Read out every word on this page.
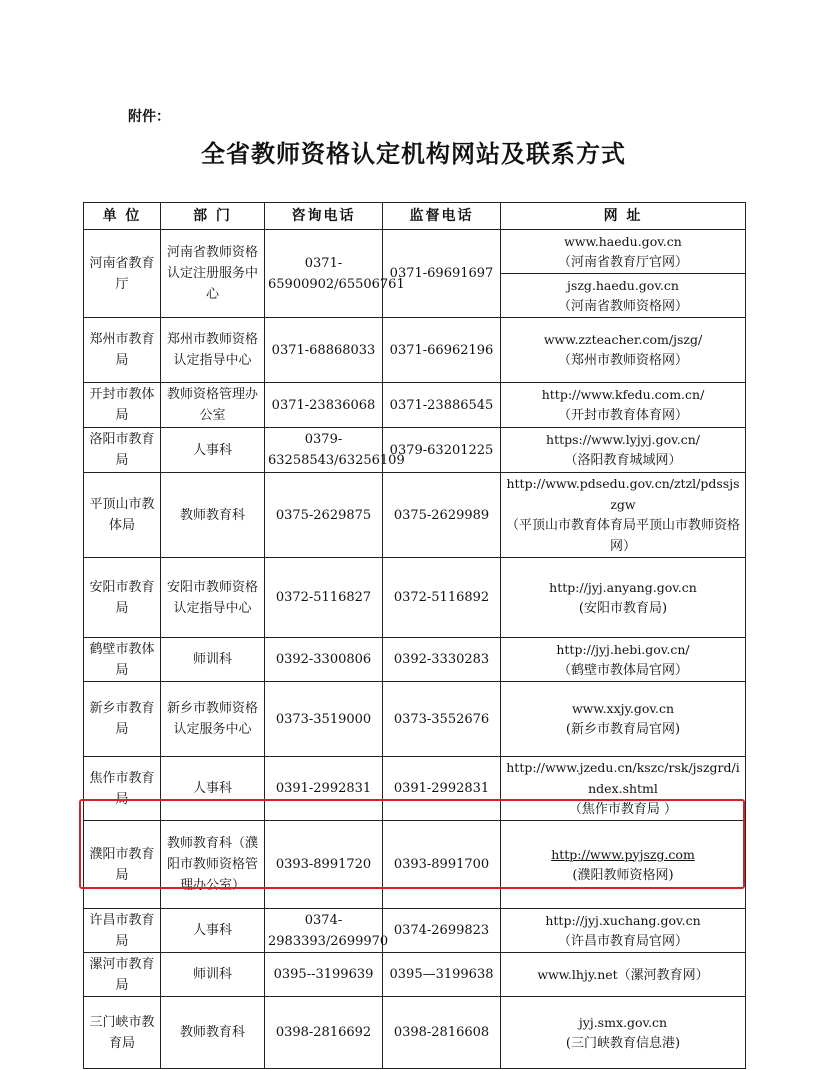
附件：
全省教师资格认定机构网站及联系方式
单 位	部 门	咨询电话	监督电话	网 址
河南省教育厅	河南省教师资格认定注册服务中心	0371-65900902/65506761	0371-69691697	www.haedu.gov.cn
（河南省教育厅官网）

				jszg.haedu.gov.cn
（河南省教师资格网）

郑州市教育局	郑州市教师资格认定指导中心	0371-68868033	0371-66962196	www.zzteacher.com/jszg/
（郑州市教师资格网）

开封市教体局	教师资格管理办公室	0371-23836068	0371-23886545	http://www.kfedu.com.cn/
（开封市教育体育网）

洛阳市教育局	人事科	0379-63258543/63256109	0379-63201225	https://www.lyjyj.gov.cn/
（洛阳教育城域网）

平顶山市教体局	教师教育科	0375-2629875	0375-2629989	http://www.pdsedu.gov.cn/ztzl/pdssjszgw
（平顶山市教育体育局平顶山市教师资格网）

安阳市教育局	安阳市教师资格认定指导中心	0372-5116827	0372-5116892	http://jyj.anyang.gov.cn
(安阳市教育局)

鹤壁市教体局	师训科	0392-3300806	0392-3330283	http://jyj.hebi.gov.cn/
（鹤壁市教体局官网）

新乡市教育局	新乡市教师资格认定服务中心	0373-3519000	0373-3552676	www.xxjy.gov.cn
(新乡市教育局官网)

焦作市教育局	人事科	0391-2992831	0391-2992831	http://www.jzedu.cn/kszc/rsk/jszgrd/index.shtml
（焦作市教育局 ）

濮阳市教育局	教师教育科（濮阳市教师资格管理办公室）	0393-8991720	0393-8991700	http://www.pyjszg.com
(濮阳教师资格网)

许昌市教育局	人事科	0374-2983393/2699970	0374-2699823	http://jyj.xuchang.gov.cn
（许昌市教育局官网）

漯河市教育局	师训科	0395--3199639	0395—3199638	www.lhjy.net（漯河教育网）
三门峡市教育局	教师教育科	0398-2816692	0398-2816608	jyj.smx.gov.cn
(三门峡教育信息港)
